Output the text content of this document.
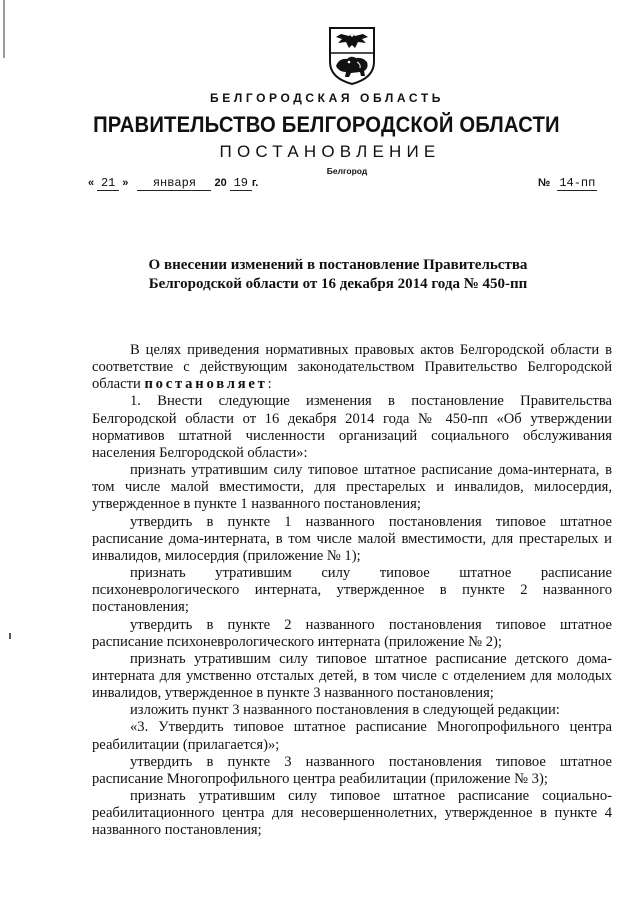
БЕЛГОРОДСКАЯ ОБЛАСТЬ
ПРАВИТЕЛЬСТВО БЕЛГОРОДСКОЙ ОБЛАСТИ
ПОСТАНОВЛЕНИЕ
Белгород
« 21 » января 20 19 г.	№ 14-пп
О внесении изменений в постановление Правительства
Белгородской области от 16 декабря 2014 года № 450-пп

В целях приведения нормативных правовых актов Белгородской области в соответствие с действующим законодательством Правительство Белгородской области постановляет:

1. Внести следующие изменения в постановление Правительства Белгородской области от 16 декабря 2014 года № 450-пп «Об утверждении нормативов штатной численности организаций социального обслуживания населения Белгородской области»:

признать утратившим силу типовое штатное расписание дома-интерната, в том числе малой вместимости, для престарелых и инвалидов, милосердия, утвержденное в пункте 1 названного постановления;

утвердить в пункте 1 названного постановления типовое штатное расписание дома-интерната, в том числе малой вместимости, для престарелых и инвалидов, милосердия (приложение № 1);

признать утратившим силу типовое штатное расписание психоневрологического интерната, утвержденное в пункте 2 названного постановления;

утвердить в пункте 2 названного постановления типовое штатное расписание психоневрологического интерната (приложение № 2);

признать утратившим силу типовое штатное расписание детского дома-интерната для умственно отсталых детей, в том числе с отделением для молодых инвалидов, утвержденное в пункте 3 названного постановления;

изложить пункт 3 названного постановления в следующей редакции:

«3. Утвердить типовое штатное расписание Многопрофильного центра реабилитации (прилагается)»;

утвердить в пункте 3 названного постановления типовое штатное расписание Многопрофильного центра реабилитации (приложение № 3);

признать утратившим силу типовое штатное расписание социально-реабилитационного центра для несовершеннолетних, утвержденное в пункте 4 названного постановления;
